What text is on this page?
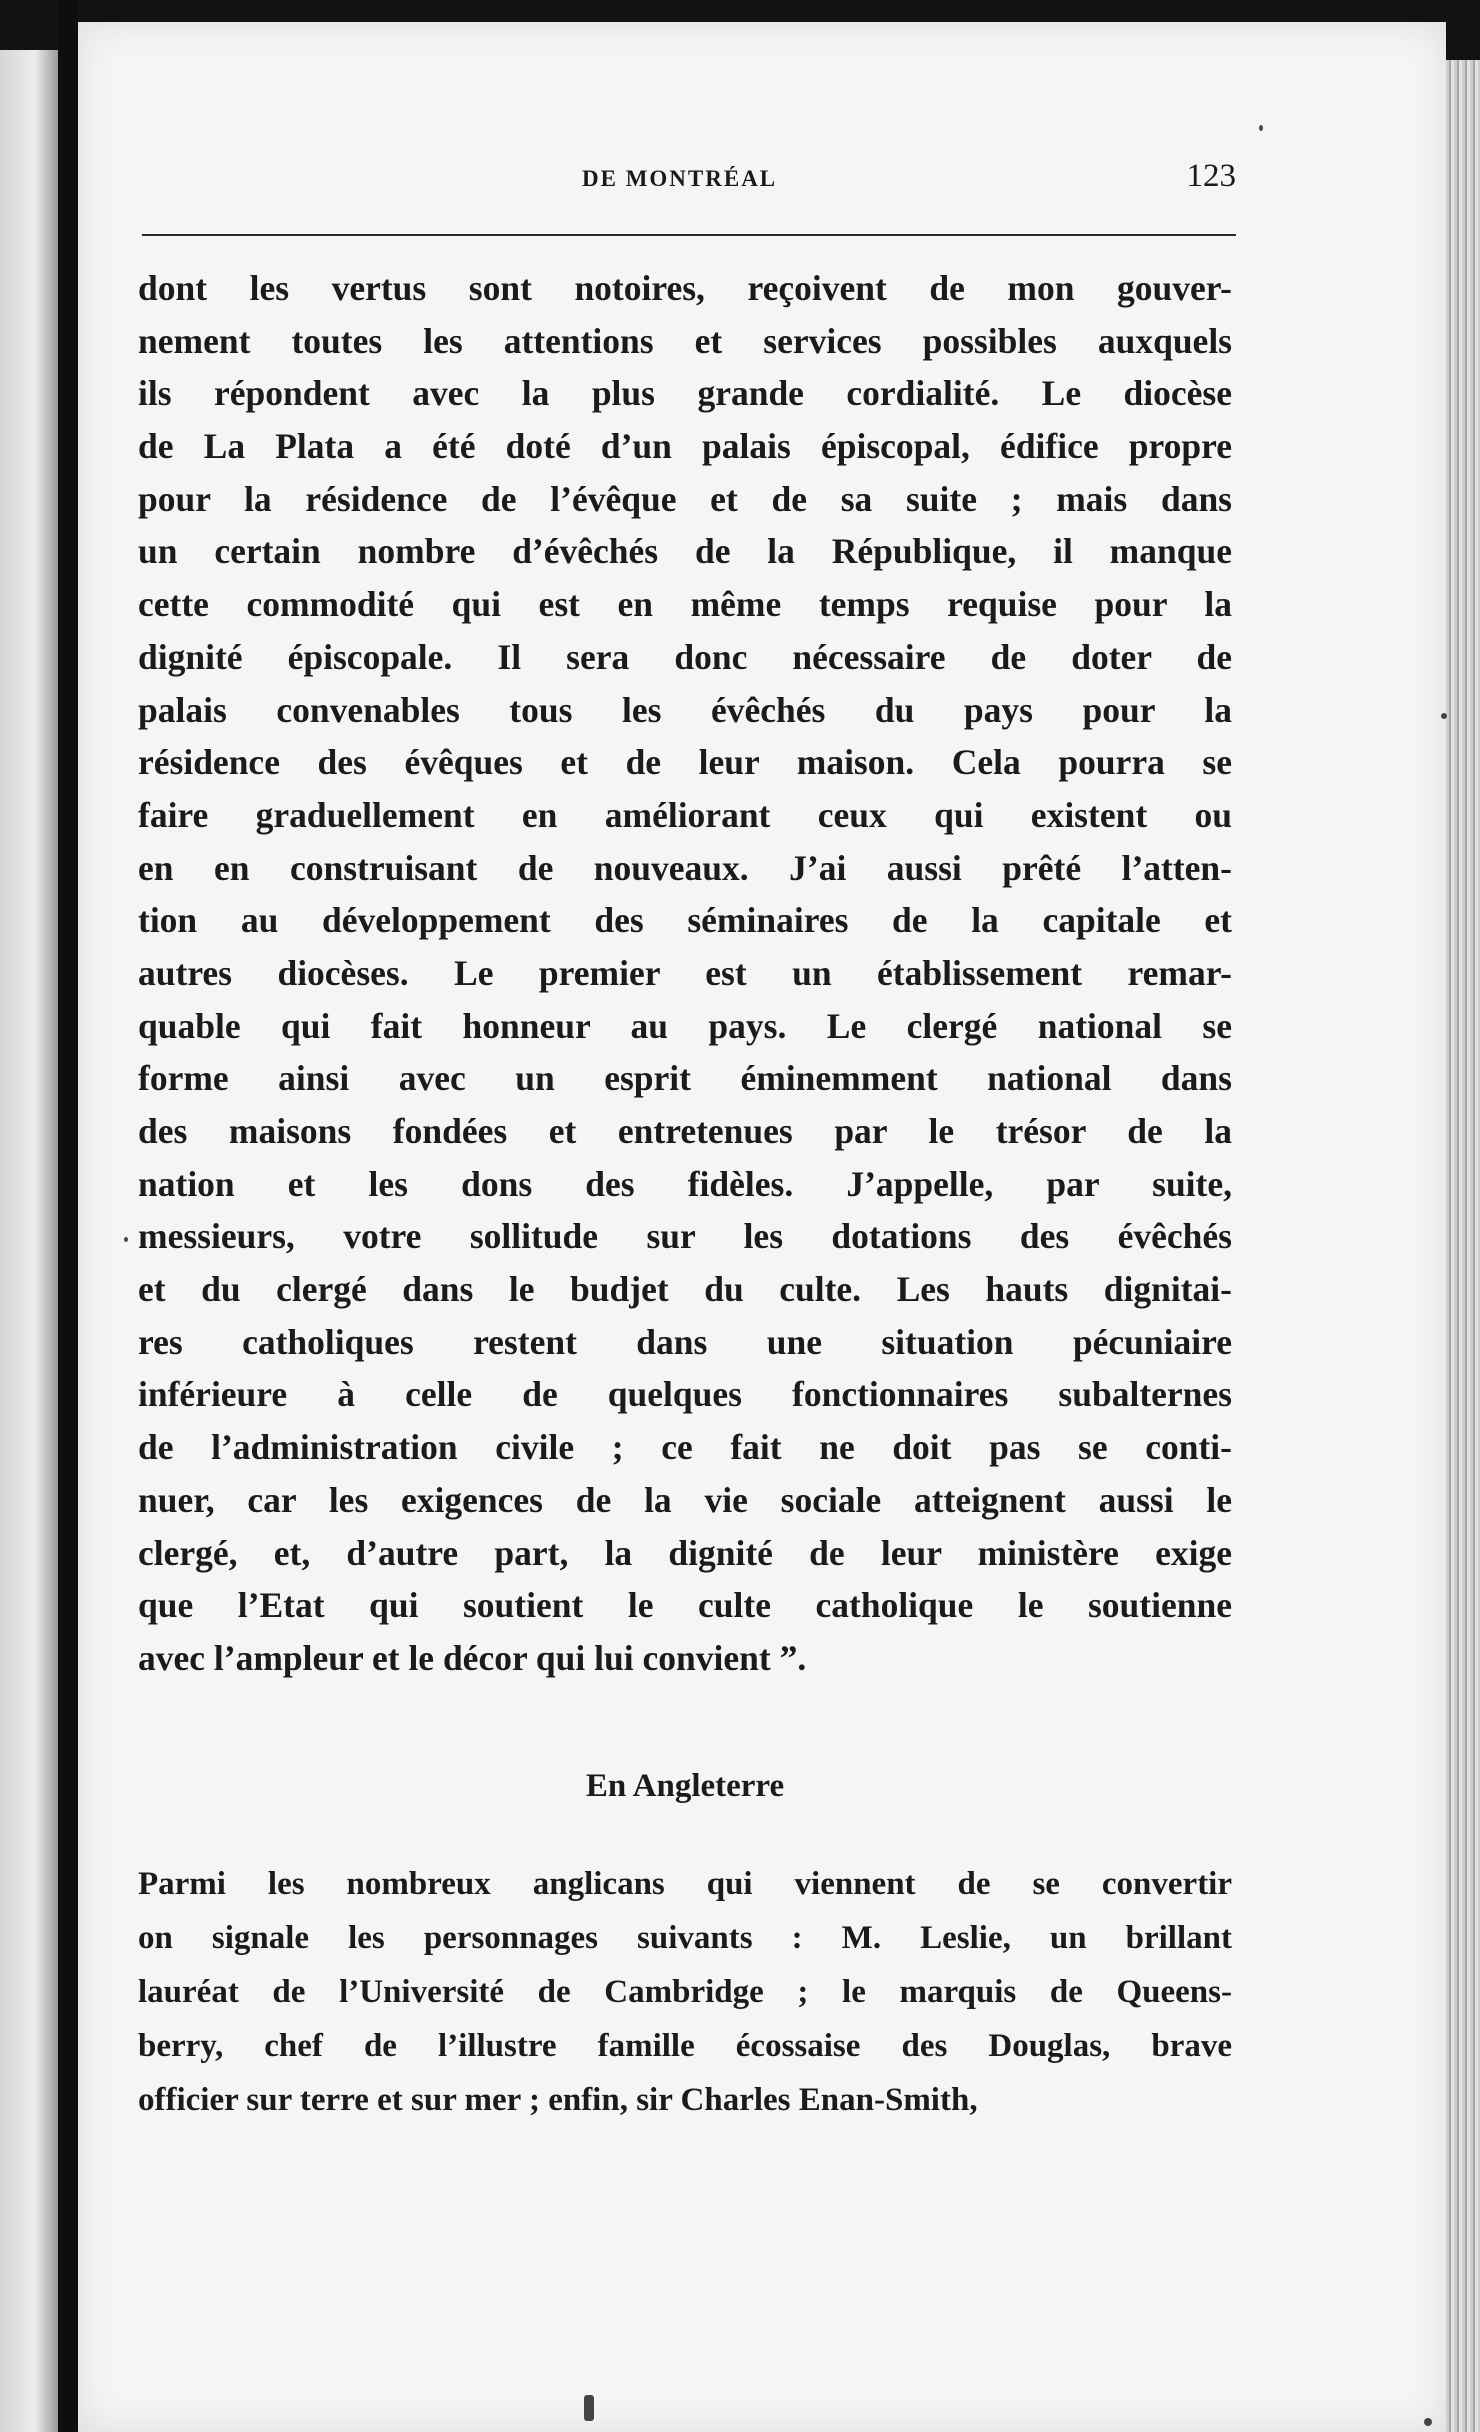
DE MONTRÉAL	123
dont les vertus sont notoires, reçoivent de mon gouver-
nement toutes les attentions et services possibles auxquels
ils répondent avec la plus grande cordialité. Le diocèse
de La Plata a été doté d’un palais épiscopal, édifice propre
pour la résidence de l’évêque et de sa suite ; mais dans
un certain nombre d’évêchés de la République, il manque
cette commodité qui est en même temps requise pour la
dignité épiscopale. Il sera donc nécessaire de doter de
palais convenables tous les évêchés du pays pour la
résidence des évêques et de leur maison. Cela pourra se
faire graduellement en améliorant ceux qui existent ou
en en construisant de nouveaux. J’ai aussi prêté l’atten-
tion au développement des séminaires de la capitale et
autres diocèses. Le premier est un établissement remar-
quable qui fait honneur au pays. Le clergé national se
forme ainsi avec un esprit éminemment national dans
des maisons fondées et entretenues par le trésor de la
nation et les dons des fidèles. J’appelle, par suite,
messieurs, votre sollitude sur les dotations des évêchés
et du clergé dans le budjet du culte. Les hauts dignitai-
res catholiques restent dans une situation pécuniaire
inférieure à celle de quelques fonctionnaires subalternes
de l’administration civile ; ce fait ne doit pas se conti-
nuer, car les exigences de la vie sociale atteignent aussi le
clergé, et, d’autre part, la dignité de leur ministère exige
que l’Etat qui soutient le culte catholique le soutienne
avec l’ampleur et le décor qui lui convient ”.
En Angleterre
Parmi les nombreux anglicans qui viennent de se convertir
on signale les personnages suivants : M. Leslie, un brillant
lauréat de l’Université de Cambridge ; le marquis de Queens-
berry, chef de l’illustre famille écossaise des Douglas, brave
officier sur terre et sur mer ; enfin, sir Charles Enan-Smith,
